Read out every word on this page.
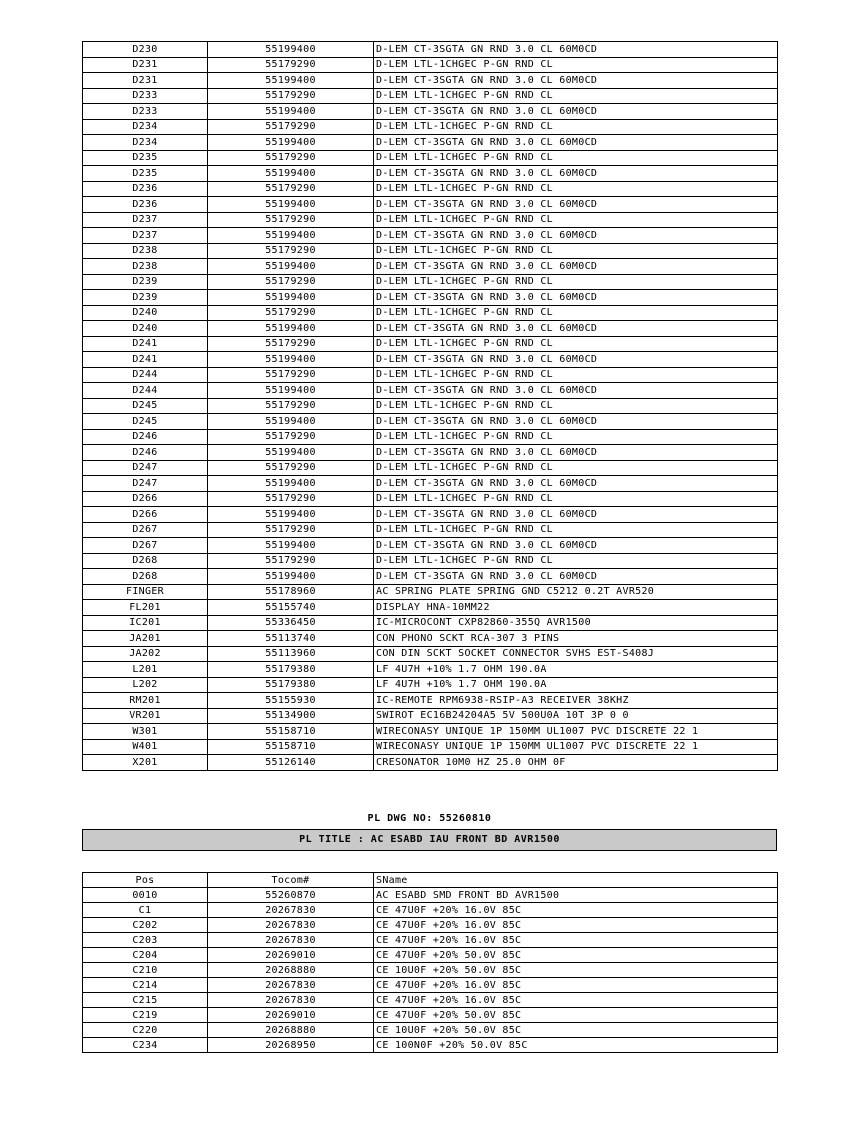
D230	55199400	D-LEM CT-3SGTA GN RND 3.0 CL 60M0CD
D231	55179290	D-LEM LTL-1CHGEC P-GN RND CL
D231	55199400	D-LEM CT-3SGTA GN RND 3.0 CL 60M0CD
D233	55179290	D-LEM LTL-1CHGEC P-GN RND CL
D233	55199400	D-LEM CT-3SGTA GN RND 3.0 CL 60M0CD
D234	55179290	D-LEM LTL-1CHGEC P-GN RND CL
D234	55199400	D-LEM CT-3SGTA GN RND 3.0 CL 60M0CD
D235	55179290	D-LEM LTL-1CHGEC P-GN RND CL
D235	55199400	D-LEM CT-3SGTA GN RND 3.0 CL 60M0CD
D236	55179290	D-LEM LTL-1CHGEC P-GN RND CL
D236	55199400	D-LEM CT-3SGTA GN RND 3.0 CL 60M0CD
D237	55179290	D-LEM LTL-1CHGEC P-GN RND CL
D237	55199400	D-LEM CT-3SGTA GN RND 3.0 CL 60M0CD
D238	55179290	D-LEM LTL-1CHGEC P-GN RND CL
D238	55199400	D-LEM CT-3SGTA GN RND 3.0 CL 60M0CD
D239	55179290	D-LEM LTL-1CHGEC P-GN RND CL
D239	55199400	D-LEM CT-3SGTA GN RND 3.0 CL 60M0CD
D240	55179290	D-LEM LTL-1CHGEC P-GN RND CL
D240	55199400	D-LEM CT-3SGTA GN RND 3.0 CL 60M0CD
D241	55179290	D-LEM LTL-1CHGEC P-GN RND CL
D241	55199400	D-LEM CT-3SGTA GN RND 3.0 CL 60M0CD
D244	55179290	D-LEM LTL-1CHGEC P-GN RND CL
D244	55199400	D-LEM CT-3SGTA GN RND 3.0 CL 60M0CD
D245	55179290	D-LEM LTL-1CHGEC P-GN RND CL
D245	55199400	D-LEM CT-3SGTA GN RND 3.0 CL 60M0CD
D246	55179290	D-LEM LTL-1CHGEC P-GN RND CL
D246	55199400	D-LEM CT-3SGTA GN RND 3.0 CL 60M0CD
D247	55179290	D-LEM LTL-1CHGEC P-GN RND CL
D247	55199400	D-LEM CT-3SGTA GN RND 3.0 CL 60M0CD
D266	55179290	D-LEM LTL-1CHGEC P-GN RND CL
D266	55199400	D-LEM CT-3SGTA GN RND 3.0 CL 60M0CD
D267	55179290	D-LEM LTL-1CHGEC P-GN RND CL
D267	55199400	D-LEM CT-3SGTA GN RND 3.0 CL 60M0CD
D268	55179290	D-LEM LTL-1CHGEC P-GN RND CL
D268	55199400	D-LEM CT-3SGTA GN RND 3.0 CL 60M0CD
FINGER	55178960	AC SPRING PLATE SPRING GND C5212 0.2T AVR520
FL201	55155740	DISPLAY HNA-10MM22
IC201	55336450	IC-MICROCONT CXP82860-355Q AVR1500
JA201	55113740	CON PHONO SCKT RCA-307 3 PINS
JA202	55113960	CON DIN SCKT SOCKET CONNECTOR SVHS EST-S408J
L201	55179380	LF 4U7H +10% 1.7 OHM 190.0A
L202	55179380	LF 4U7H +10% 1.7 OHM 190.0A
RM201	55155930	IC-REMOTE RPM6938-RSIP-A3 RECEIVER 38KHZ
VR201	55134900	SWIROT EC16B24204A5 5V 500U0A 10T 3P 0 0
W301	55158710	WIRECONASY UNIQUE 1P 150MM UL1007 PVC DISCRETE 22 1
W401	55158710	WIRECONASY UNIQUE 1P 150MM UL1007 PVC DISCRETE 22 1
X201	55126140	CRESONATOR 10M0 HZ 25.0 OHM 0F
PL DWG NO: 55260810
PL TITLE : AC ESABD IAU FRONT BD AVR1500
Pos	Tocom#	SName
0010	55260870	AC ESABD SMD FRONT BD AVR1500
C1	20267830	CE 47U0F +20% 16.0V 85C
C202	20267830	CE 47U0F +20% 16.0V 85C
C203	20267830	CE 47U0F +20% 16.0V 85C
C204	20269010	CE 47U0F +20% 50.0V 85C
C210	20268880	CE 10U0F +20% 50.0V 85C
C214	20267830	CE 47U0F +20% 16.0V 85C
C215	20267830	CE 47U0F +20% 16.0V 85C
C219	20269010	CE 47U0F +20% 50.0V 85C
C220	20268880	CE 10U0F +20% 50.0V 85C
C234	20268950	CE 100N0F +20% 50.0V 85C
